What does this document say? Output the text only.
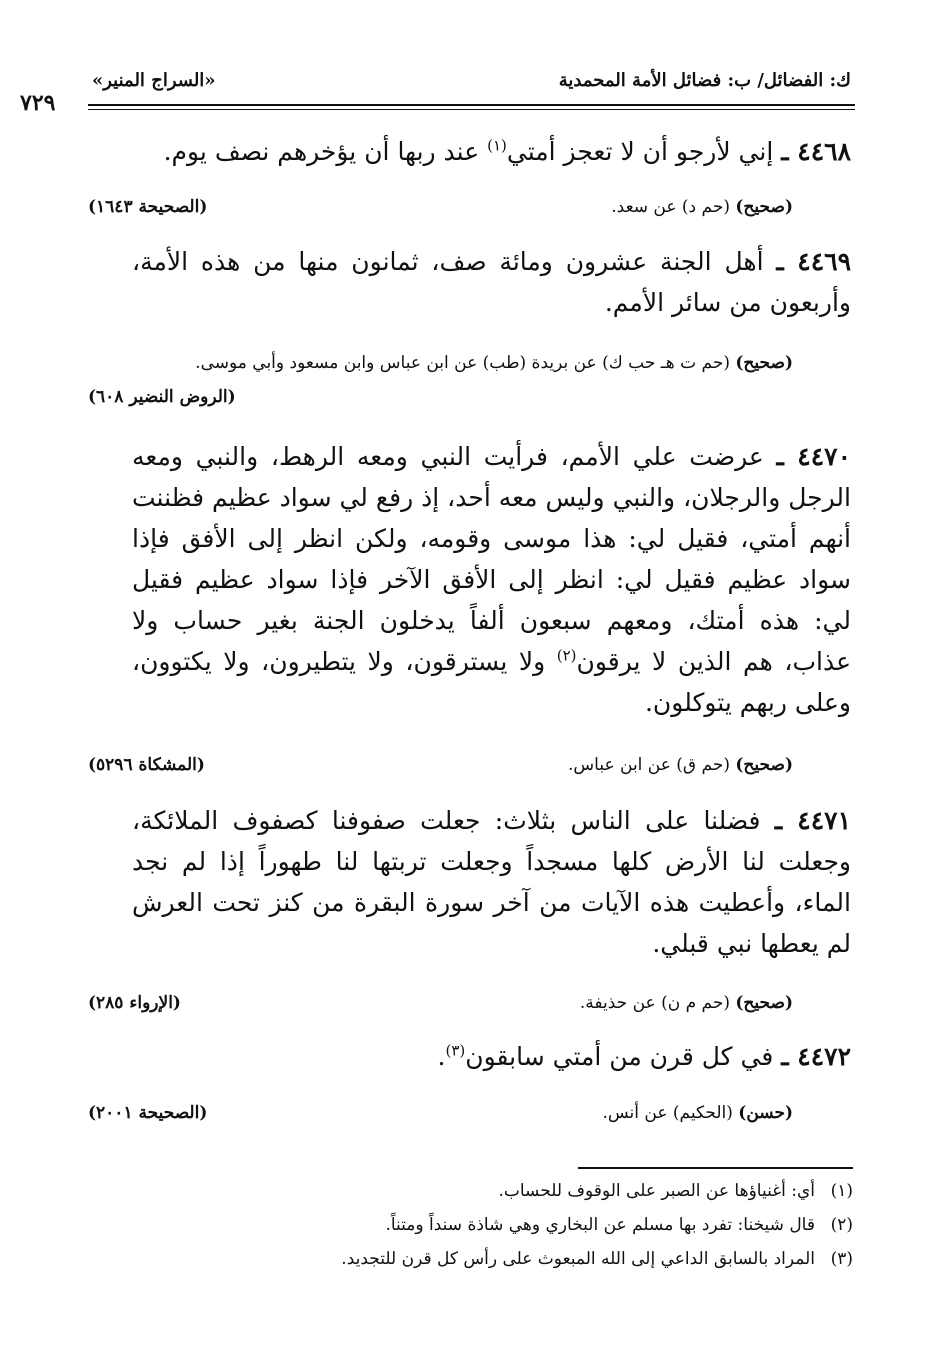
ك: الفضائل/ ب: فضائل الأمة المحمدية
«السراج المنير»
٧٢٩
٤٤٦٨ ـ إني لأرجو أن لا تعجز أمتي$^{(١)}$ عند ربها أن يؤخرهم نصف يوم.
(صحيح) (حم د) عن سعد.
(الصحيحة ١٦٤٣)
٤٤٦٩ ـ أهل الجنة عشرون ومائة صف، ثمانون منها من هذه الأمة، وأربعون من سائر الأمم.
(صحيح) (حم ت هـ حب ك) عن بريدة (طب) عن ابن عباس وابن مسعود وأبي موسى.
(الروض النضير ٦٠٨)
٤٤٧٠ ـ عرضت علي الأمم، فرأيت النبي ومعه الرهط، والنبي ومعه الرجل والرجلان، والنبي وليس معه أحد، إذ رفع لي سواد عظيم فظننت أنهم أمتي، فقيل لي: هذا موسى وقومه، ولكن انظر إلى الأفق فإذا سواد عظيم فقيل لي: انظر إلى الأفق الآخر فإذا سواد عظيم فقيل لي: هذه أمتك، ومعهم سبعون ألفاً يدخلون الجنة بغير حساب ولا عذاب، هم الذين لا يرقون$^{(٢)}$ ولا يسترقون، ولا يتطيرون، ولا يكتوون، وعلى ربهم يتوكلون.
(صحيح) (حم ق) عن ابن عباس.
(المشكاة ٥٢٩٦)
٤٤٧١ ـ فضلنا على الناس بثلاث: جعلت صفوفنا كصفوف الملائكة، وجعلت لنا الأرض كلها مسجداً وجعلت تربتها لنا طهوراً إذا لم نجد الماء، وأعطيت هذه الآيات من آخر سورة البقرة من كنز تحت العرش لم يعطها نبي قبلي.
(صحيح) (حم م ن) عن حذيفة.
(الإرواء ٢٨٥)
٤٤٧٢ ـ في كل قرن من أمتي سابقون$^{(٣)}$.
(حسن) (الحكيم) عن أنس.
(الصحيحة ٢٠٠١)
(١)أي: أغنياؤها عن الصبر على الوقوف للحساب.
(٢)قال شيخنا: تفرد بها مسلم عن البخاري وهي شاذة سنداً ومتناً.
(٣)المراد بالسابق الداعي إلى الله المبعوث على رأس كل قرن للتجديد.
